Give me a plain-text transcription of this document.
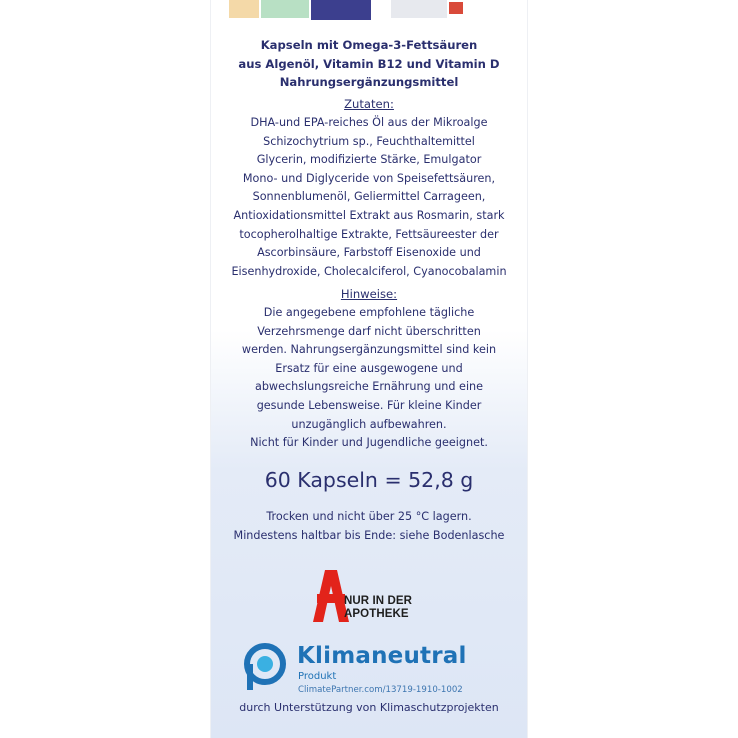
Kapseln mit Omega-3-Fettsäuren
aus Algenöl, Vitamin B12 und Vitamin D
Nahrungsergänzungsmittel
Zutaten:
DHA-und EPA-reiches Öl aus der Mikroalge
Schizochytrium sp., Feuchthaltemittel
Glycerin, modifizierte Stärke, Emulgator
Mono- und Diglyceride von Speisefettsäuren,
Sonnenblumenöl, Geliermittel Carrageen,
Antioxidationsmittel Extrakt aus Rosmarin, stark
tocopherolhaltige Extrakte, Fettsäureester der
Ascorbinsäure, Farbstoff Eisenoxide und
Eisenhydroxide, Cholecalciferol, Cyanocobalamin
Hinweise:
Die angegebene empfohlene tägliche
Verzehrsmenge darf nicht überschritten
werden. Nahrungsergänzungsmittel sind kein
Ersatz für eine ausgewogene und
abwechslungsreiche Ernährung und eine
gesunde Lebensweise. Für kleine Kinder
unzugänglich aufbewahren.
Nicht für Kinder und Jugendliche geeignet.
60 Kapseln = 52,8 g
Trocken und nicht über 25 °C lagern.
Mindestens haltbar bis Ende: siehe Bodenlasche
NUR IN DER
APOTHEKE
Klimaneutral
Produkt
ClimatePartner.com/13719-1910-1002
durch Unterstützung von Klimaschutzprojekten
